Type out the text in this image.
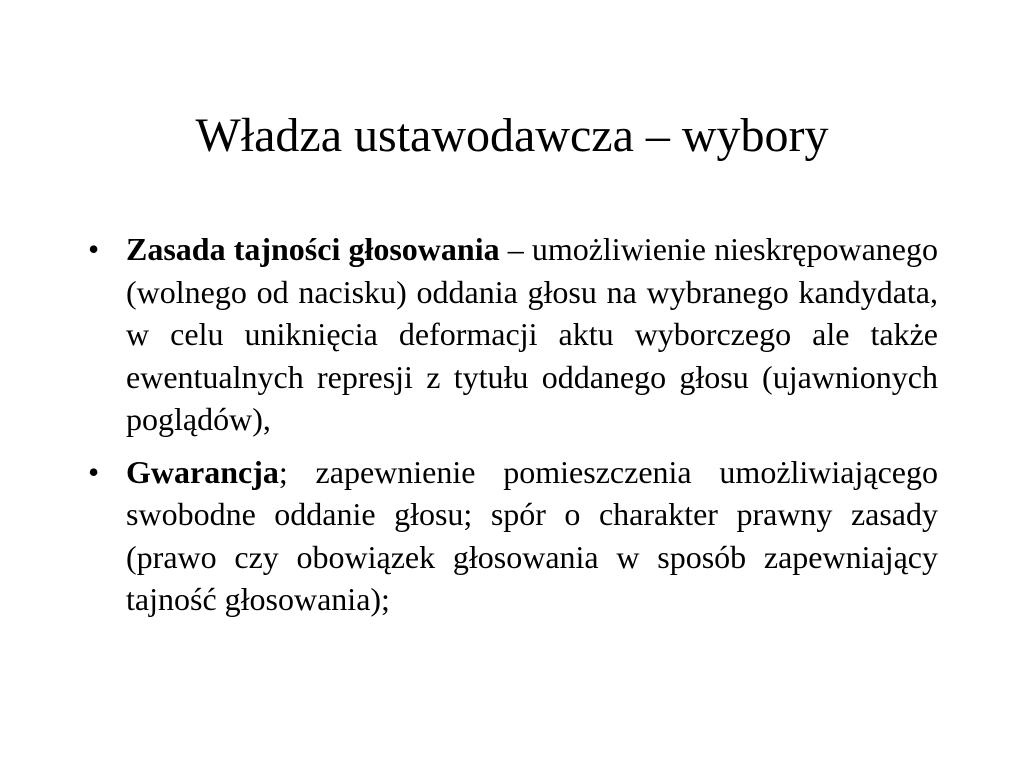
Władza ustawodawcza – wybory
• Zasada tajności głosowania – umożliwienie nieskrępowanego (wolnego od nacisku) oddania głosu na wybranego kandydata, w celu uniknięcia deformacji aktu wyborczego ale także ewentualnych represji z tytułu oddanego głosu (ujawnionych poglądów),
• Gwarancja; zapewnienie pomieszczenia umożliwiającego swobodne oddanie głosu; spór o charakter prawny zasady (prawo czy obowiązek głosowania w sposób zapewniający tajność głosowania);
